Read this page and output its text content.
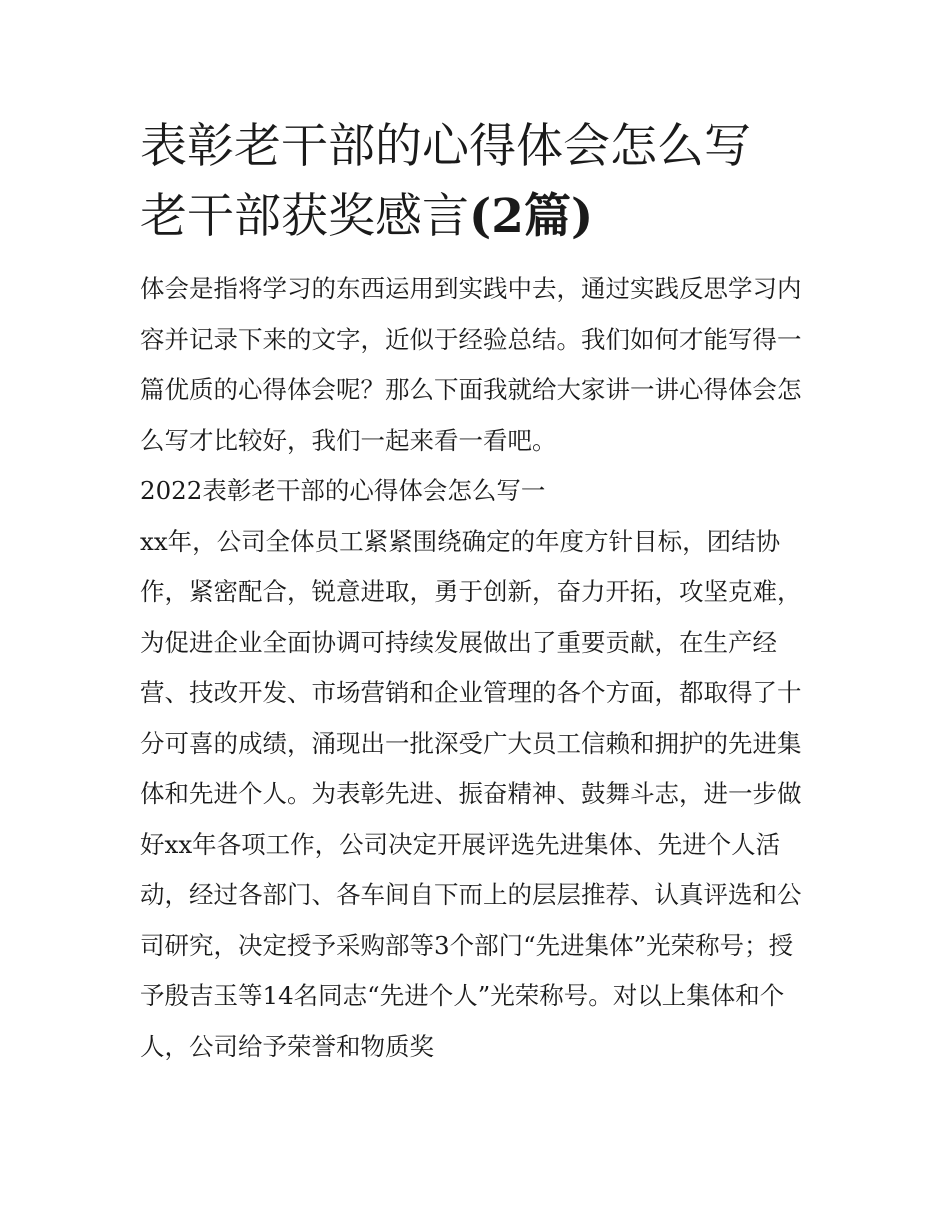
表彰老干部的心得体会怎么写
老干部获奖感言(2篇)

体会是指将学习的东西运用到实践中去，通过实践反思学习内
容并记录下来的文字，近似于经验总结。我们如何才能写得一
篇优质的心得体会呢？那么下面我就给大家讲一讲心得体会怎
么写才比较好，我们一起来看一看吧。

2022表彰老干部的心得体会怎么写一

xx年，公司全体员工紧紧围绕确定的年度方针目标，团结协
作，紧密配合，锐意进取，勇于创新，奋力开拓，攻坚克难，
为促进企业全面协调可持续发展做出了重要贡献，在生产经
营、技改开发、市场营销和企业管理的各个方面，都取得了十
分可喜的成绩，涌现出一批深受广大员工信赖和拥护的先进集
体和先进个人。为表彰先进、振奋精神、鼓舞斗志，进一步做
好xx年各项工作，公司决定开展评选先进集体、先进个人活
动，经过各部门、各车间自下而上的层层推荐、认真评选和公
司研究，决定授予采购部等3个部门“先进集体”光荣称号；授
予殷吉玉等14名同志“先进个人”光荣称号。对以上集体和个
人，公司给予荣誉和物质奖
